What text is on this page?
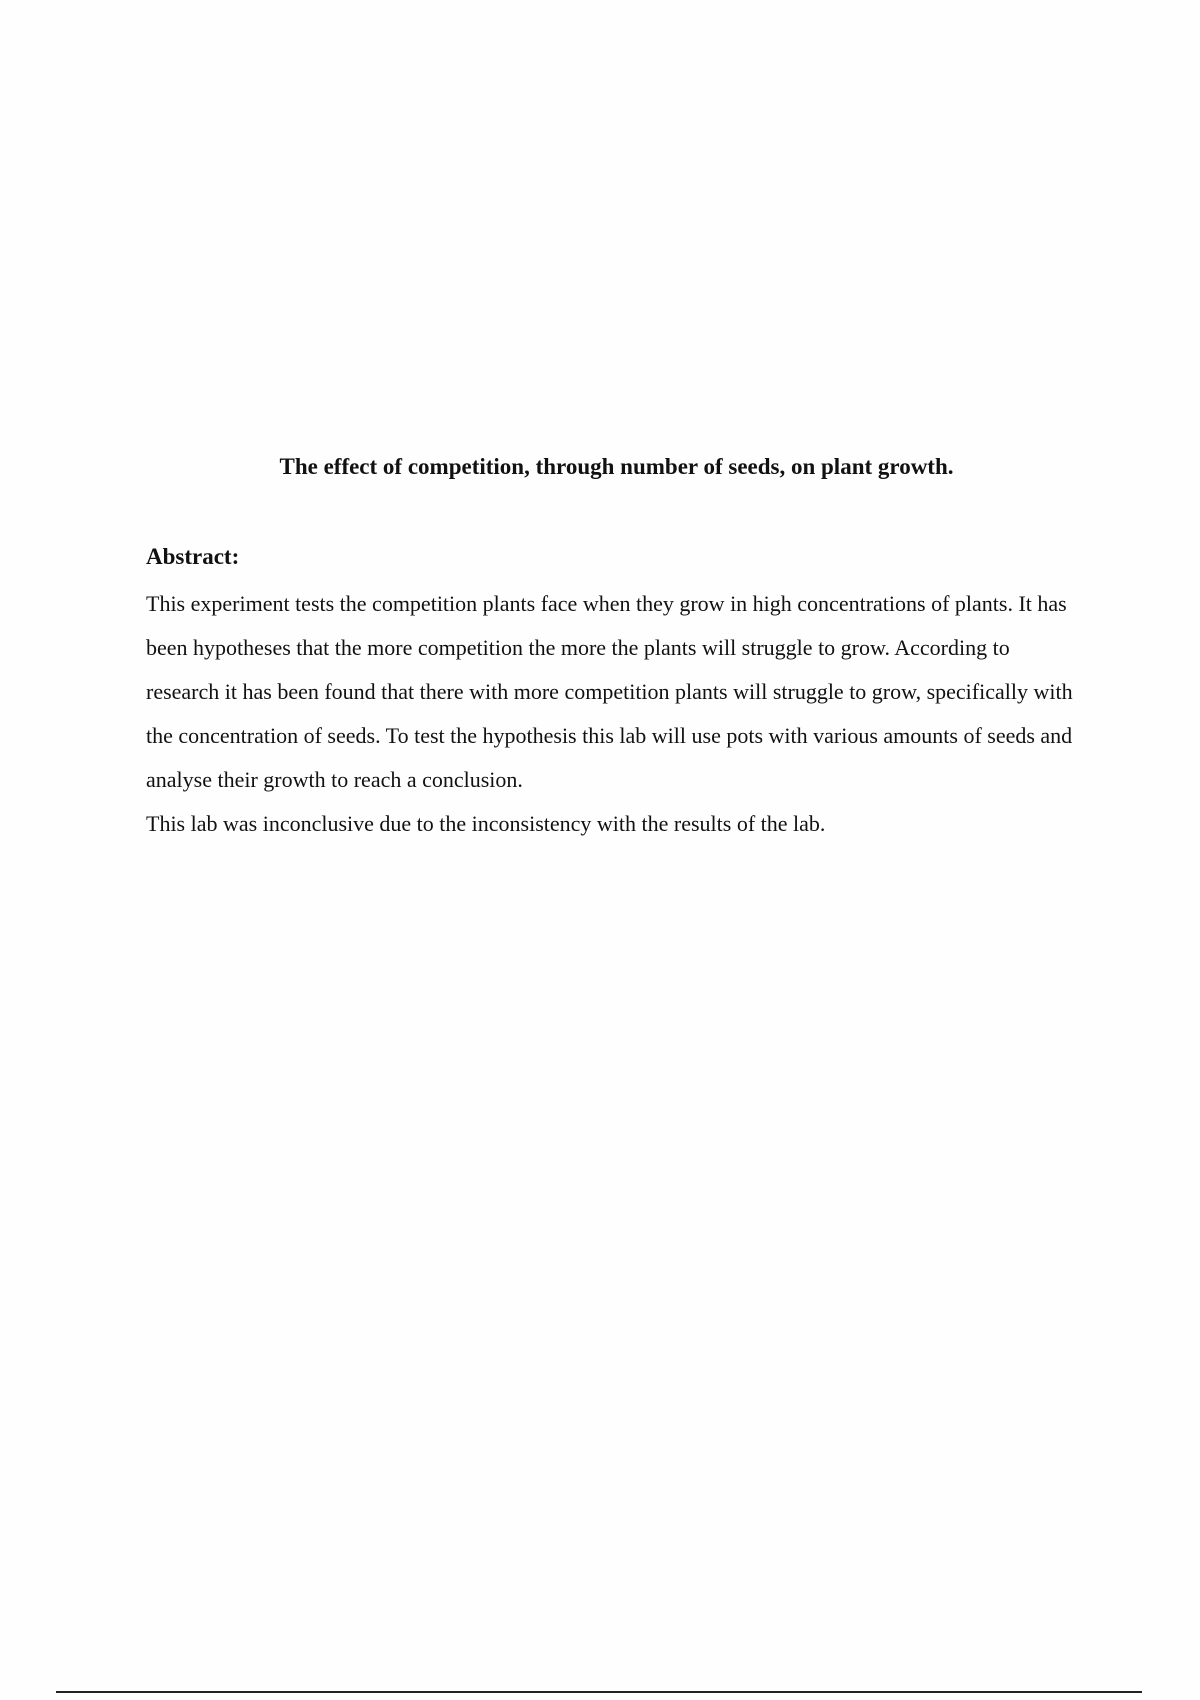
The effect of competition, through number of seeds, on plant growth.
Abstract:

This experiment tests the competition plants face when they grow in high concentrations of plants. It has been hypotheses that the more competition the more the plants will struggle to grow. According to research it has been found that there with more competition plants will struggle to grow, specifically with the concentration of seeds. To test the hypothesis this lab will use pots with various amounts of seeds and analyse their growth to reach a conclusion.

This lab was inconclusive due to the inconsistency with the results of the lab.
